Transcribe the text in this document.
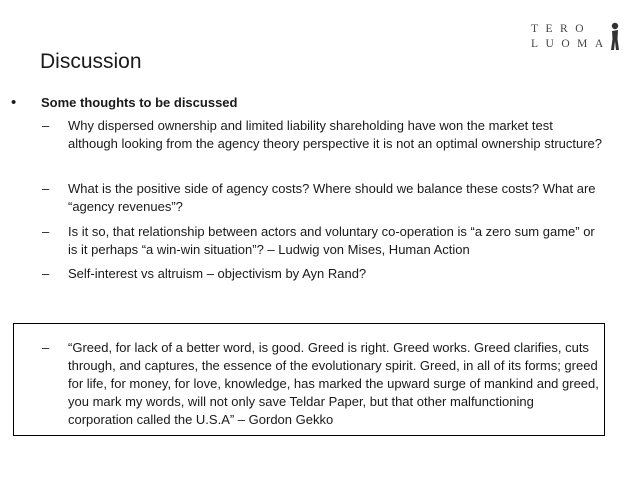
TERO
LUOMA
Discussion
• Some thoughts to be discussed
– Why dispersed ownership and limited liability shareholding have won the market test although looking from the agency theory perspective it is not an optimal ownership structure?
– What is the positive side of agency costs? Where should we balance these costs? What are “agency revenues”?
– Is it so, that relationship between actors and voluntary co-operation is “a zero sum game” or is it perhaps “a win-win situation”? – Ludwig von Mises, Human Action
– Self-interest vs altruism – objectivism by Ayn Rand?
– “Greed, for lack of a better word, is good. Greed is right. Greed works. Greed clarifies, cuts through, and captures, the essence of the evolutionary spirit. Greed, in all of its forms; greed for life, for money, for love, knowledge, has marked the upward surge of mankind and greed, you mark my words, will not only save Teldar Paper, but that other malfunctioning corporation called the U.S.A” – Gordon Gekko
